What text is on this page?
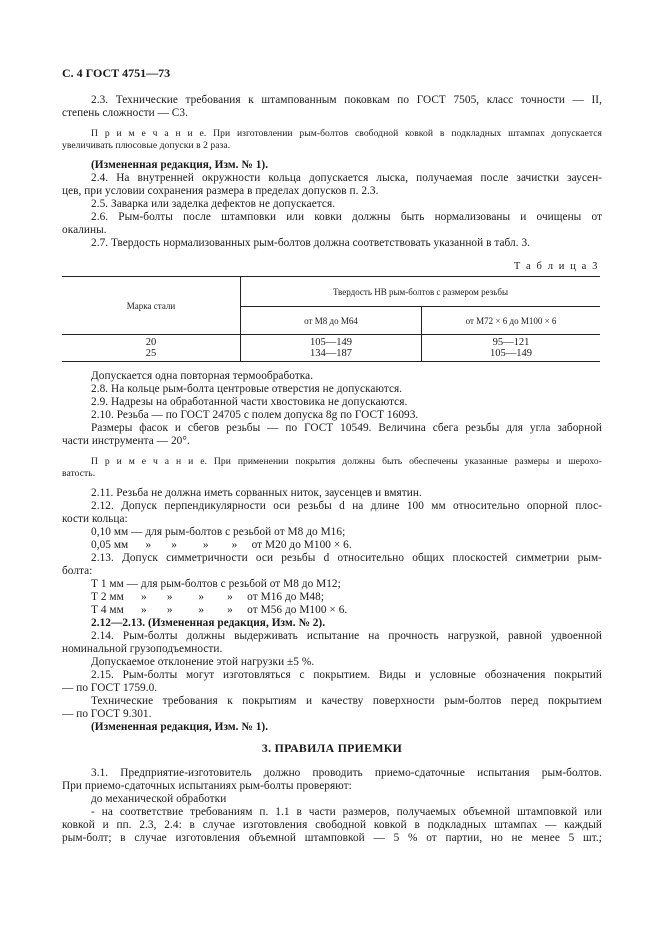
С. 4 ГОСТ 4751—73
2.3. Технические требования к штампованным поковкам по ГОСТ 7505, класс точности — II,
степень сложности — С3.
П р и м е ч а н и е. При изготовлении рым-болтов свободной ковкой в подкладных штампах допускается
увеличивать плюсовые допуски в 2 раза.
(Измененная редакция, Изм. № 1).
2.4. На внутренней окружности кольца допускается лыска, получаемая после зачистки заусен-
цев, при условии сохранения размера в пределах допусков п. 2.3.
2.5. Заварка или заделка дефектов не допускается.
2.6. Рым-болты после штамповки или ковки должны быть нормализованы и очищены от
окалины.
2.7. Твердость нормализованных рым-болтов должна соответствовать указанной в табл. 3.
Т а б л и ц а 3
Марка стали	Твердость НВ рым-болтов с размером резьбы	
	от М8 до М64	от М72 × 6 до М100 × 6
20	105—149	95—121
25	134—187	105—149
Допускается одна повторная термообработка.
2.8. На кольце рым-болта центровые отверстия не допускаются.
2.9. Надрезы на обработанной части хвостовика не допускаются.
2.10. Резьба — по ГОСТ 24705 с полем допуска 8g по ГОСТ 16093.
Размеры фасок и сбегов резьбы — по ГОСТ 10549. Величина сбега резьбы для угла заборной
части инструмента — 20°.
П р и м е ч а н и е. При применении покрытия должны быть обеспечены указанные размеры и шерохо-
ватость.
2.11. Резьба не должна иметь сорванных ниток, заусенцев и вмятин.
2.12. Допуск перпендикулярности оси резьбы d на длине 100 мм относительно опорной плос-
кости кольца:
0,10 мм — для рым-болтов с резьбой от М8 до М16;
0,05 мм      »       »         »        »     от М20 до М100 × 6.
2.13. Допуск симметричности оси резьбы d относительно общих плоскостей симметрии рым-
болта:
Т 1 мм — для рым-болтов с резьбой от М8 до М12;
Т 2 мм      »       »         »        »     от М16 до М48;
Т 4 мм      »       »         »        »     от М56 до М100 × 6.
2.12—2.13. (Измененная редакция, Изм. № 2).
2.14. Рым-болты должны выдерживать испытание на прочность нагрузкой, равной удвоенной
номинальной грузоподъемности.
Допускаемое отклонение этой нагрузки ±5 %.
2.15. Рым-болты могут изготовляться с покрытием. Виды и условные обозначения покрытий
— по ГОСТ 1759.0.
Технические требования к покрытиям и качеству поверхности рым-болтов перед покрытием
— по ГОСТ 9.301.
(Измененная редакция, Изм. № 1).
3. ПРАВИЛА ПРИЕМКИ
3.1. Предприятие-изготовитель должно проводить приемо-сдаточные испытания рым-болтов.
При приемо-сдаточных испытаниях рым-болты проверяют:
до механической обработки
- на соответствие требованиям п. 1.1 в части размеров, получаемых объемной штамповкой или
ковкой и пп. 2.3, 2.4: в случае изготовления свободной ковкой в подкладных штампах — каждый
рым-болт; в случае изготовления объемной штамповкой — 5 % от партии, но не менее 5 шт.;
